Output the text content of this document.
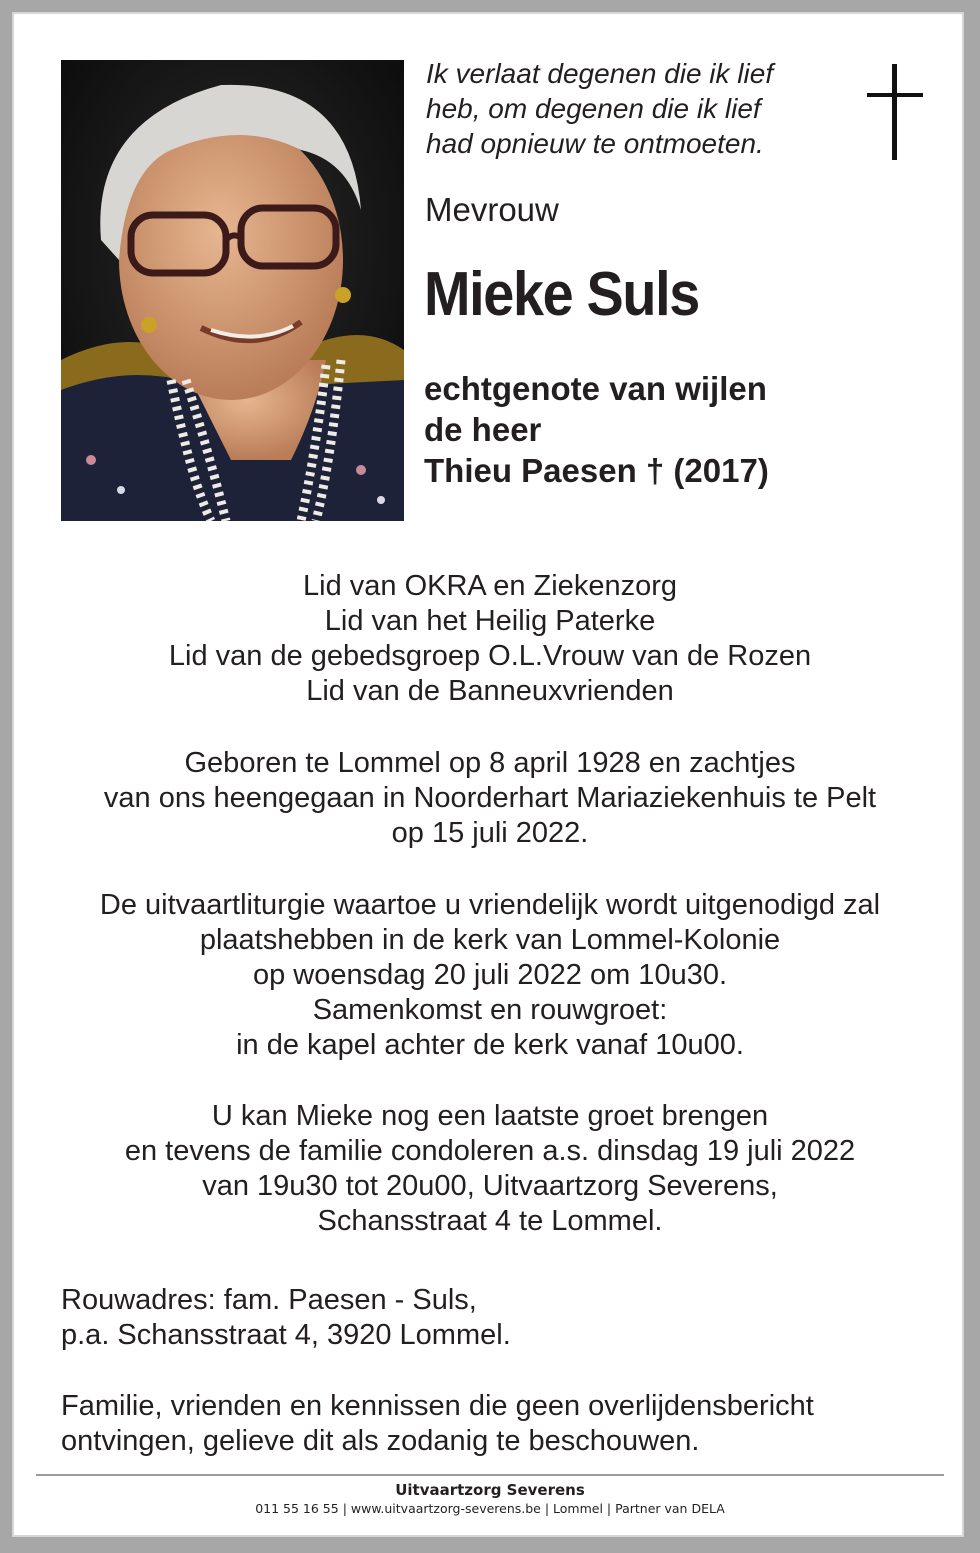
Ik verlaat degenen die ik lief
heb, om degenen die ik lief
had opnieuw te ontmoeten.
Mevrouw
Mieke Suls
echtgenote van wijlen
de heer
Thieu Paesen † (2017)
Lid van OKRA en Ziekenzorg
Lid van het Heilig Paterke
Lid van de gebedsgroep O.L.Vrouw van de Rozen
Lid van de Banneuxvrienden
Geboren te Lommel op 8 april 1928 en zachtjes
van ons heengegaan in Noorderhart Mariaziekenhuis te Pelt
op 15 juli 2022.
De uitvaartliturgie waartoe u vriendelijk wordt uitgenodigd zal
plaatshebben in de kerk van Lommel-Kolonie
op woensdag 20 juli 2022 om 10u30.
Samenkomst en rouwgroet:
in de kapel achter de kerk vanaf 10u00.
U kan Mieke nog een laatste groet brengen
en tevens de familie condoleren a.s. dinsdag 19 juli 2022
van 19u30 tot 20u00, Uitvaartzorg Severens,
Schansstraat 4 te Lommel.
Rouwadres: fam. Paesen - Suls,
p.a. Schansstraat 4, 3920 Lommel.
Familie, vrienden en kennissen die geen overlijdensbericht
ontvingen, gelieve dit als zodanig te beschouwen.
Uitvaartzorg Severens
011 55 16 55 | www.uitvaartzorg-severens.be | Lommel | Partner van DELA
